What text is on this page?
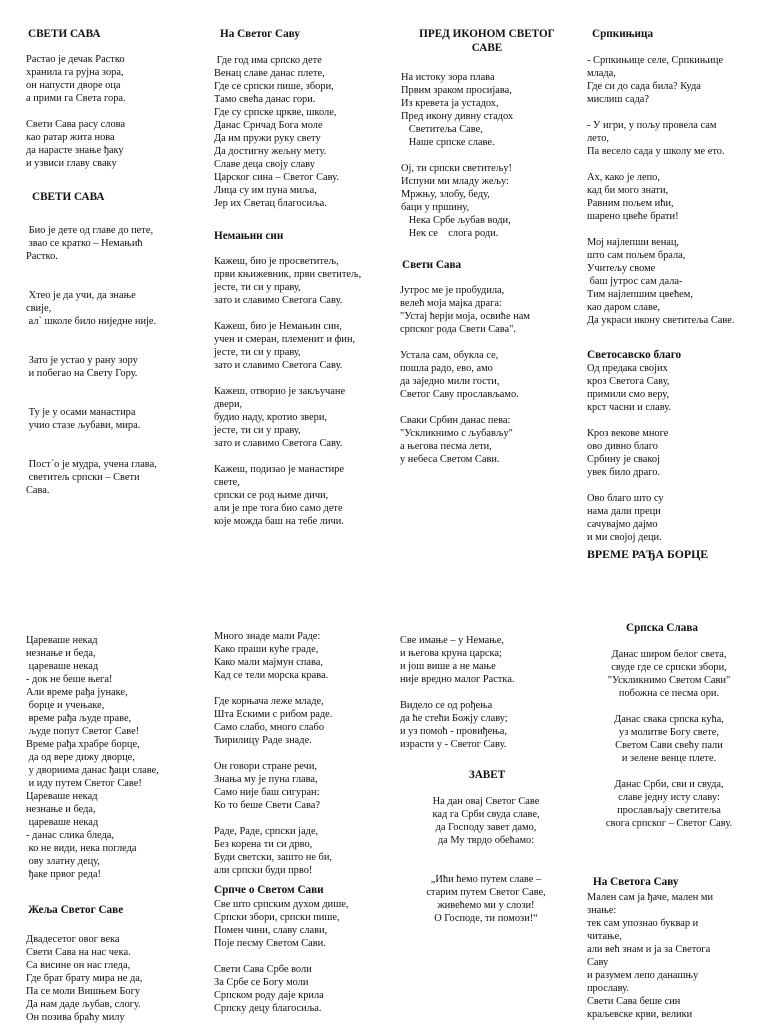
СВЕТИ САВА

Растао је дечак Растко
хранила га рујна зора,
он напусти дворе оца
а прими га Света гора.

Свети Сава расу слова
као ратар жита нова
да нарасте знање ђаку
и узвиси главу сваку

СВЕТИ САВА

Био је дете од главе до пете,
звао се кратко – Немањић
Растко.

Хтео је да учи, да знање
свије,
ал` школе било ниједне није.

Зато је устао у рану зору
и побегао на Свету Гору.

Ту је у осами манастира
учио стазе љубави, мира.

Пост`о је мудра, учена глава,
светитељ српски – Свети
Сава.

Цареваше некад
незнање и беда,
цареваше некад
- док не беше њега!
Али време рађа јунаке,
борце и учењаке,
време рађа људе праве,
људе попут Светог Саве!
Време рађа храбре борце,
да од вере дижу дворце,
у двориима данас ђаци славе,
и иду путем Светог Саве!
Цареваше некад
незнање и беда,
цареваше некад
- данас слика бледа,
ко не види, нека погледа
ову златну децу,
ђаке првог реда!

Жеља Светог Саве

Двадесетог овог века
Свети Сава на нас чека.
Са висине он нас гледа,
Где брат брату мира не да,
Па се моли Вишњем Богу
Да нам даде љубав, слогу.
Он позива браћу милу

На Светог Саву

Где год има српско дете
Венац славе данас плете,
Где се српски пише, збори,
Тамо свећа данас гори.
Где су српске цркве, школе,
Данас Срнчад Бога моле
Да им пружи руку свету
Да достигну жељну мету.
Славе деца своју славу
Царског сина – Светог Саву.
Лица су им пуна миља,
Јер их Светац благосиља.

Немањин син

Кажеш, био је просветитељ,
први књижевник, први светитељ,
јесте, ти си у праву,
зато и славимо Светога Саву.

Кажеш, био је Немањин син,
учен и смеран, племенит и фин,
јесте, ти си у праву,
зато и славимо Светога Саву.

Кажеш, отворио је закључане
двери,
будио наду, кротио звери,
јесте, ти си у праву,
зато и славимо Светога Саву.

Кажеш, подизао је манастире
свете,
српски се род њиме дичи,
али је пре тога био само дете
које можда баш на тебе личи.

Много знаде мали Раде:
Како праши куће граде,
Како мали мајмун спава,
Кад се тели морска крава.

Где корњача леже младе,
Шта Ескими с рибом раде.
Само слабо, много слабо
Ћирилицу Раде знаде.

Он говори стране речи,
Знања му је пуна глава,
Само није баш сигуран:
Ко то беше Свети Сава?

Раде, Раде, српски јаде,
Без корена ти си дрво,
Буди светски, зашто не би,
али српски буди прво!

Српче о Светом Сави

Све што српским духом дише,
Српски збори, српски пише,
Помен чини, славу слави,
Поје песму Светом Сави.

Свети Сава Србе воли
За Србе се Богу моли
Српском роду даје крила
Српску децу благосиља.

ПРЕД ИКОНОМ СВЕТОГ
САВЕ

На истоку зора плава
Првим зраком просијава,
Из кревета ја устадох,
Пред икону дивну стадох
Светитеља Саве,
Наше српске славе.

Ој, ти српски светитељу!
Испуни ми младу жељу:
Мржњу, злобу, беду,
баци у пршину,
Нека Србе љубав води,
Нек се    слога роди.

Свети Сава

Јутрос ме је пробудила,
велећ моја мајка драга:
"Устај ћерји моја, освиће нам
српског рода Свети Сава".

Устала сам, обукла се,
пошла радо, ево, амо
да заједно мили гости,
Светог Саву прослављамо.

Сваки Србин данас пева:
"Ускликнимо с љубављу"
а његова песма лети,
у небеса Светом Сави.

Све имање – у Немање,
и његова круна царска;
и још више а не мање
није вредно малог Растка.

Видело се од рођења
да ће стећи Божју славу;
и уз помоћ - провиђења,
израсти у - Светог Саву.

ЗАВЕТ

На дан овај Светог Саве
кад га Срби свуда славе,
да Господу завет дамо,
да Му тврдо обећамо:

„Ићи ћемо путем славе –
старим путем Светог Саве,
живећемо ми у слози!
О Господе, ти помози!“

Српкињица

- Српкињице селе, Српкињице
млада,
Где си до сада била? Куда
мислиш сада?

- У игри, у пољу провела сам
лето,
Па весело сада у школу ме ето.

Ах, како је лепо,
кад би мого знати,
Равним пољем ићи,
шарено цвеће брати!

Мој најлепши венац,
што сам пољем брала,
Учитељу своме
баш јутрос сам дала-
Тим најлепшим цвећем,
као даром славе,
Да украси икону светитеља Саве.

Светосавско благо

Од предака својих
кроз Светога Саву,
примили смо веру,
крст часни и славу.

Кроз векове многе
ово дивно благо
Србину је свакој
увек било драго.

Ово благо што су
нама дали преци
сачувајмо дајмо
и ми својој деци.

ВРЕМЕ РАЂА БОРЦЕ
Српска Слава

Данас широм белог света,
свуде где се српски збори,
"Ускликнимо Светом Сави"
побожна се песма ори.

Данас свака српска кућа,
уз молитве Богу свете,
Светом Сави свећу пали
и зелене венце плете.

Данас Срби, сви и свуда,
славе једну исту славу:
прослављају светитеља
свога српског – Светог Саву.

На Светога Саву

Мален сам ја ђаче, мален ми
знање:
тек сам упознао буквар и
читање,
али већ знам и ја за Светога
Саву
и разумем лепо данашњу
прославу.
Свети Сава беше син
краљевске крви, велики
